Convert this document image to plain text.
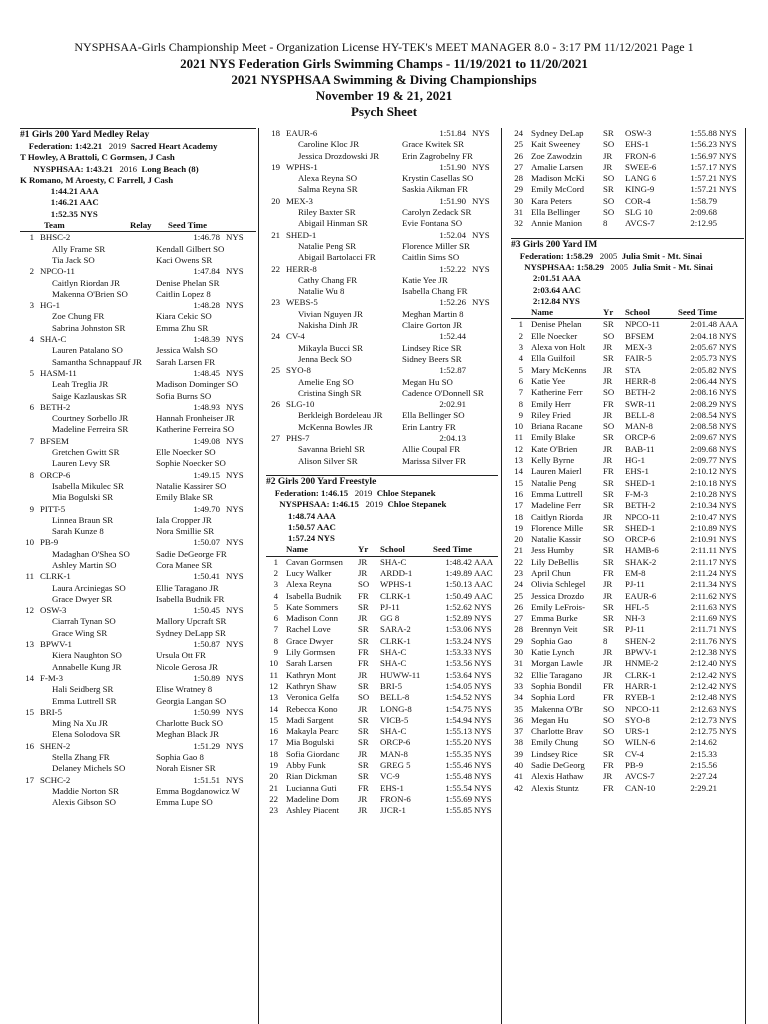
NYSPHSAA-Girls Championship Meet - Organization License HY-TEK's MEET MANAGER 8.0 - 3:17 PM 11/12/2021 Page 1
2021 NYS Federation Girls Swimming Champs - 11/19/2021 to 11/20/2021
2021 NYSPHSAA Swimming & Diving Championships
November 19 & 21, 2021
Psych Sheet
#1 Girls 200 Yard Medley Relay
Federation: 1:42.21   2019  Sacred Heart Academy
T Howley, A Brattoli, C Gormsen, J Cash
NYSPHSAA: 1:43.21   2016  Long Beach (8)
K Romano, M Aroesty, C Farrell, J Cash
1:44.21 AAA
1:46.21 AAC
1:52.35 NYS
Team	Relay Seed Time
1 BHSC-2	1:46.78 NYS
Ally Frame SR	Kendall Gilbert SO
Tia Jack SO	Kaci Owens SR
2 NPCO-11	1:47.84 NYS
Caitlyn Riordan JR	Denise Phelan SR
Makenna O'Brien SO	Caitlin Lopez 8
3 HG-1	1:48.28 NYS
Zoe Chung FR	Kiara Cekic SO
Sabrina Johnston SR	Emma Zhu SR
4 SHA-C	1:48.39 NYS
Lauren Patalano SO	Jessica Walsh SO
Samantha Schnappauf JR Sarah Larsen FR
5 HASM-11	1:48.45 NYS
Leah Treglia JR	Madison Dominger SO
Saige Kazlauskas SR	Sofia Burns SO
6 BETH-2	1:48.93 NYS
Courtney Sorbello JR	Hannah Fronheiser JR
Madeline Ferreira SR	Katherine Ferreira SO
7 BFSEM	1:49.08 NYS
Gretchen Gwitt SR	Elle Noecker SO
Lauren Levy SR	Sophie Noecker SO
8 ORCP-6	1:49.15 NYS
Isabella Mikulec SR	Natalie Kassirer SO
Mia Bogulski SR	Emily Blake SR
9 PITT-5	1:49.70 NYS
Linnea Braun SR	Iala Cropper JR
Sarah Kunze 8	Nora Smillie SR
10 PB-9	1:50.07 NYS
Madaghan O'Shea SO	Sadie DeGeorge FR
Ashley Martin SO	Cora Manee SR
11 CLRK-1	1:50.41 NYS
Laura Arciniegas SO	Ellie Taragano JR
Grace Dwyer SR	Isabella Budnik FR
12 OSW-3	1:50.45 NYS
Ciarrah Tynan SO	Mallory Upcraft SR
Grace Wing SR	Sydney DeLapp SR
13 BPWV-1	1:50.87 NYS
Kiera Naughton SO	Ursula Ott FR
Annabelle Kung JR	Nicole Gerosa JR
14 F-M-3	1:50.89 NYS
Hali Seidberg SR	Elise Wratney 8
Emma Luttrell SR	Georgia Langan SO
15 BRI-5	1:50.99 NYS
Ming Na Xu JR	Charlotte Buck SO
Elena Solodova SR	Meghan Black JR
16 SHEN-2	1:51.29 NYS
Stella Zhang FR	Sophia Gao 8
Delaney Michels SO	Norah Eisner SR
17 SCHC-2	1:51.51 NYS
Maddie Norton SR	Emma Bogdanowicz W
Alexis Gibson SO	Emma Lupe SO
18 EAUR-6	1:51.84 NYS
Caroline Kloc JR	Grace Kwitek SR
Jessica Drozdowski JR	Erin Zagrobelny FR
19 WPHS-1	1:51.90 NYS
Alexa Reyna SO	Krystin Casellas SO
Salma Reyna SR	Saskia Aikman FR
20 MEX-3	1:51.90 NYS
Riley Baxter SR	Carolyn Zedack SR
Abigail Hinman SR	Evie Fontana SO
21 SHED-1	1:52.04 NYS
Natalie Peng SR	Florence Miller SR
Abigail Bartolacci FR	Caitlin Sims SO
22 HERR-8	1:52.22 NYS
Cathy Chang FR	Katie Yee JR
Natalie Wu 8	Isabella Chang FR
23 WEBS-5	1:52.26 NYS
Vivian Nguyen JR	Meghan Martin 8
Nakisha Dinh JR	Claire Gorton JR
24 CV-4	1:52.44
Mikayla Bucci SR	Lindsey Rice SR
Jenna Beck SO	Sidney Beers SR
25 SYO-8	1:52.87
Amelie Eng SO	Megan Hu SO
Cristina Singh SR	Cadence O'Donnell SR
26 SLG-10	2:02.91
Berkleigh Bordeleau JR Ella Bellinger SO
McKenna Bowles JR	Erin Lantry FR
27 PHS-7	2:04.13
Savanna Briehl SR	Allie Coupal FR
Alison Silver SR	Marissa Silver FR
#2 Girls 200 Yard Freestyle
Federation: 1:46.15   2019  Chloe Stepanek
NYSPHSAA: 1:46.15   2019  Chloe Stepanek
1:48.74 AAA
1:50.57 AAC
1:57.24 NYS
Name	Yr	School	Seed Time
1 Cavan Gormsen	JR	SHA-C	1:48.42 AAA
2 Lucy Walker	JR	ARDD-1	1:49.89 AAC
3 Alexa Reyna	SO	WPHS-1	1:50.13 AAC
4 Isabella Budnik	FR	CLRK-1	1:50.49 AAC
5 Kate Sommers	SR	PJ-11	1:52.62 NYS
6 Madison Conn	JR	GG 8	1:52.89 NYS
7 Rachel Love	SR	SARA-2	1:53.06 NYS
8 Grace Dwyer	SR	CLRK-1	1:53.24 NYS
9 Lily Gormsen	FR	SHA-C	1:53.33 NYS
10 Sarah Larsen	FR	SHA-C	1:53.56 NYS
11 Kathryn Mont	JR	HUWW-11	1:53.64 NYS
12 Kathryn Shaw	SR	BRI-5	1:54.05 NYS
13 Veronica Gelfa	SO	BELL-8	1:54.52 NYS
14 Rebecca Kono	JR	LONG-8	1:54.75 NYS
15 Madi Sargent	SR	VICB-5	1:54.94 NYS
16 Makayla Pearc	SR	SHA-C	1:55.13 NYS
17 Mia Bogulski	SR	ORCP-6	1:55.20 NYS
18 Sofia Giordanc	JR	MAN-8	1:55.35 NYS
19 Abby Funk	SR	GREG 5	1:55.46 NYS
20 Rian Dickman	SR	VC-9	1:55.48 NYS
21 Lucianna Guti	FR	EHS-1	1:55.54 NYS
22 Madeline Dom	JR	FRON-6	1:55.69 NYS
23 Ashley Piacent	JR	JJCR-1	1:55.85 NYS
24 Sydney DeLap	SR	OSW-3	1:55.88 NYS
25 Kait Sweeney	SO	EHS-1	1:56.23 NYS
26 Zoe Zawodzin	JR	FRON-6	1:56.97 NYS
27 Amalie Larsen	JR	SWEE-6	1:57.17 NYS
28 Madison McKi	SO	LANG 6	1:57.21 NYS
29 Emily McCord	SR	KING-9	1:57.21 NYS
30 Kara Peters	SO	COR-4	1:58.79
31 Ella Bellinger	SO	SLG 10	2:09.68
32 Annie Manion	8	AVCS-7	2:12.95
#3 Girls 200 Yard IM
Federation: 1:58.29   2005  Julia Smit - Mt. Sinai
NYSPHSAA: 1:58.29   2005  Julia Smit - Mt. Sinai
2:01.51 AAA
2:03.64 AAC
2:12.84 NYS
Name	Yr	School	Seed Time
1 Denise Phelan	SR	NPCO-11	2:01.48 AAA
2 Elle Noecker	SO	BFSEM	2:04.18 NYS
3 Alexa von Holt	JR	MEX-3	2:05.67 NYS
4 Ella Guilfoil	SR	FAIR-5	2:05.73 NYS
5 Mary McKenns	JR	STA	2:05.82 NYS
6 Katie Yee	JR	HERR-8	2:06.44 NYS
7 Katherine Ferr	SO	BETH-2	2:08.16 NYS
8 Emily Herr	FR	SWR-11	2:08.29 NYS
9 Riley Fried	JR	BELL-8	2:08.54 NYS
10 Briana Racane	SO	MAN-8	2:08.58 NYS
11 Emily Blake	SR	ORCP-6	2:09.67 NYS
12 Kate O'Brien	JR	BAB-11	2:09.68 NYS
13 Kelly Byrne	JR	HG-1	2:09.77 NYS
14 Lauren Maierl	FR	EHS-1	2:10.12 NYS
15 Natalie Peng	SR	SHED-1	2:10.18 NYS
16 Emma Luttrell	SR	F-M-3	2:10.28 NYS
17 Madeline Ferr	SR	BETH-2	2:10.34 NYS
18 Caitlyn Riorda	JR	NPCO-11	2:10.47 NYS
19 Florence Mille	SR	SHED-1	2:10.89 NYS
20 Natalie Kassir	SO	ORCP-6	2:10.91 NYS
21 Jess Humby	SR	HAMB-6	2:11.11 NYS
22 Lily DeBellis	SR	SHAK-2	2:11.17 NYS
23 April Chun	FR	EM-8	2:11.24 NYS
24 Olivia Schlegel	JR	PJ-11	2:11.34 NYS
25 Jessica Drozdo	JR	EAUR-6	2:11.62 NYS
26 Emily LeFrois-	SR	HFL-5	2:11.63 NYS
27 Emma Burke	SR	NH-3	2:11.69 NYS
28 Brennyn Veit	SR	PJ-11	2:11.71 NYS
29 Sophia Gao	8	SHEN-2	2:11.76 NYS
30 Katie Lynch	JR	BPWV-1	2:12.38 NYS
31 Morgan Lawle	JR	HNME-2	2:12.40 NYS
32 Ellie Taragano	JR	CLRK-1	2:12.42 NYS
33 Sophia Bondil	FR	HARR-1	2:12.42 NYS
34 Sophia Lord	FR	RYEB-1	2:12.48 NYS
35 Makenna O'Br	SO	NPCO-11	2:12.63 NYS
36 Megan Hu	SO	SYO-8	2:12.73 NYS
37 Charlotte Brav	SO	URS-1	2:12.75 NYS
38 Emily Chung	SO	WILN-6	2:14.62
39 Lindsey Rice	SR	CV-4	2:15.33
40 Sadie DeGeorg	FR	PB-9	2:15.56
41 Alexis Hathaw	JR	AVCS-7	2:27.24
42 Alexis Stuntz	FR	CAN-10	2:29.21
